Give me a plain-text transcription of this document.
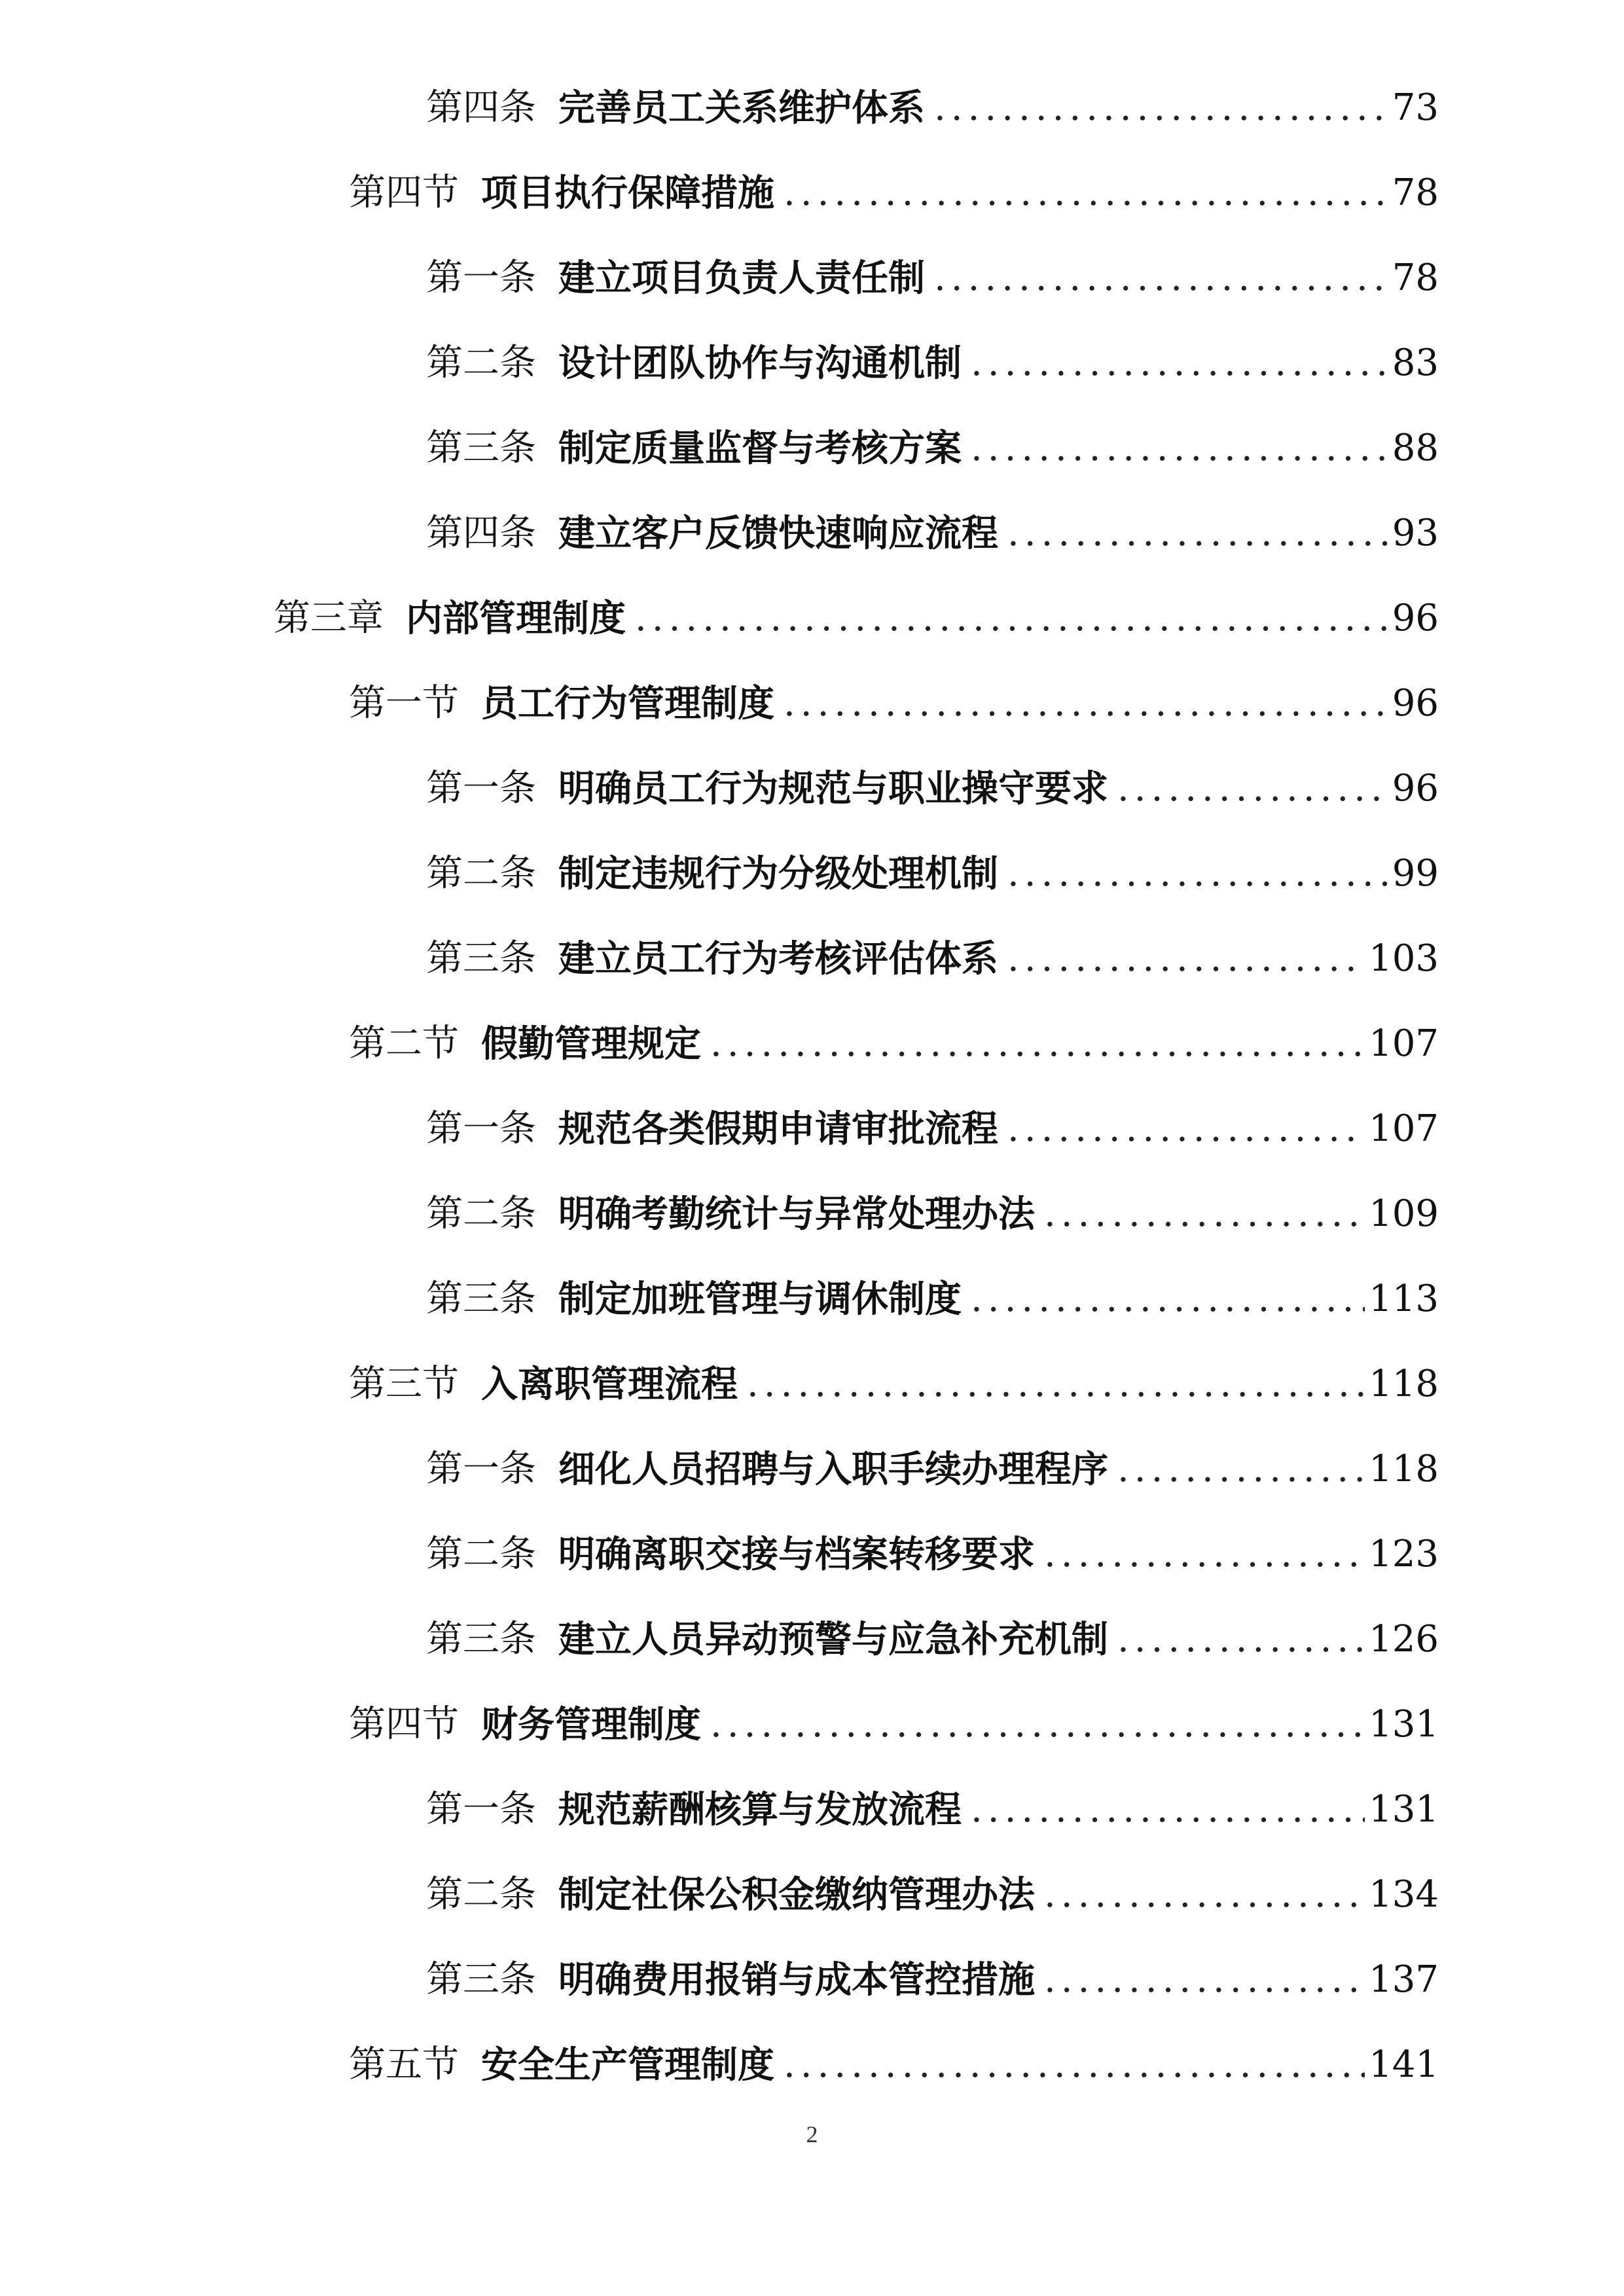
第四条 完善员工关系维护体系 .....	73
第四节 项目执行保障措施 .....	78
第一条 建立项目负责人责任制 .....	78
第二条 设计团队协作与沟通机制 .....	83
第三条 制定质量监督与考核方案 .....	88
第四条 建立客户反馈快速响应流程 .....	93
第三章 内部管理制度 .....	96
第一节 员工行为管理制度 .....	96
第一条 明确员工行为规范与职业操守要求 .....	96
第二条 制定违规行为分级处理机制 .....	99
第三条 建立员工行为考核评估体系 .....	103
第二节 假勤管理规定 .....	107
第一条 规范各类假期申请审批流程 .....	107
第二条 明确考勤统计与异常处理办法 .....	109
第三条 制定加班管理与调休制度 .....	113
第三节 入离职管理流程 .....	118
第一条 细化人员招聘与入职手续办理程序 .....	118
第二条 明确离职交接与档案转移要求 .....	123
第三条 建立人员异动预警与应急补充机制 .....	126
第四节 财务管理制度 .....	131
第一条 规范薪酬核算与发放流程 .....	131
第二条 制定社保公积金缴纳管理办法 .....	134
第三条 明确费用报销与成本管控措施 .....	137
第五节 安全生产管理制度 .....	141
2
